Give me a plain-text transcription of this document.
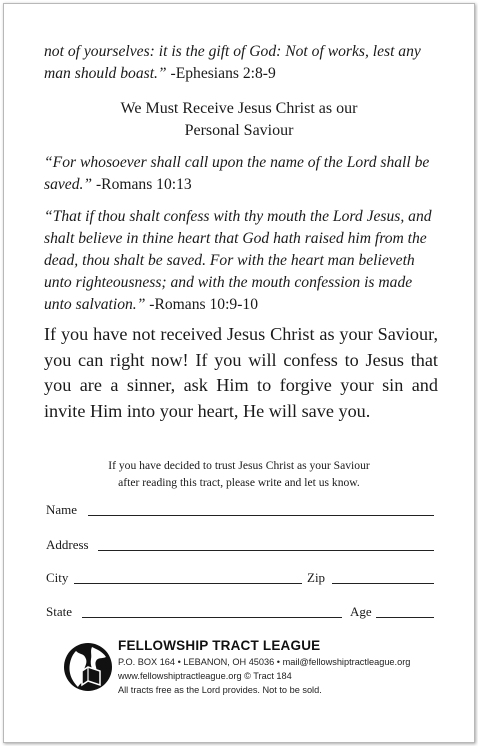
not of yourselves: it is the gift of God: Not of works, lest any man should boast.” -Ephesians 2:8-9
We Must Receive Jesus Christ as our
Personal Saviour
“For whosoever shall call upon the name of the Lord shall be saved.” -Romans 10:13
“That if thou shalt confess with thy mouth the Lord Jesus, and shalt believe in thine heart that God hath raised him from the dead, thou shalt be saved. For with the heart man believeth unto righteousness; and with the mouth confession is made unto salvation.” -Romans 10:9-10
If you have not received Jesus Christ as your Saviour, you can right now! If you will confess to Jesus that you are a sinner, ask Him to forgive your sin and invite Him into your heart, He will save you.
If you have decided to trust Jesus Christ as your Saviour
after reading this tract, please write and let us know.
Name
Address
City	Zip
State	Age
FELLOWSHIP TRACT LEAGUE
P.O. BOX 164 • LEBANON, OH 45036 • mail@fellowshiptractleague.org
www.fellowshiptractleague.org © Tract 184
All tracts free as the Lord provides. Not to be sold.
